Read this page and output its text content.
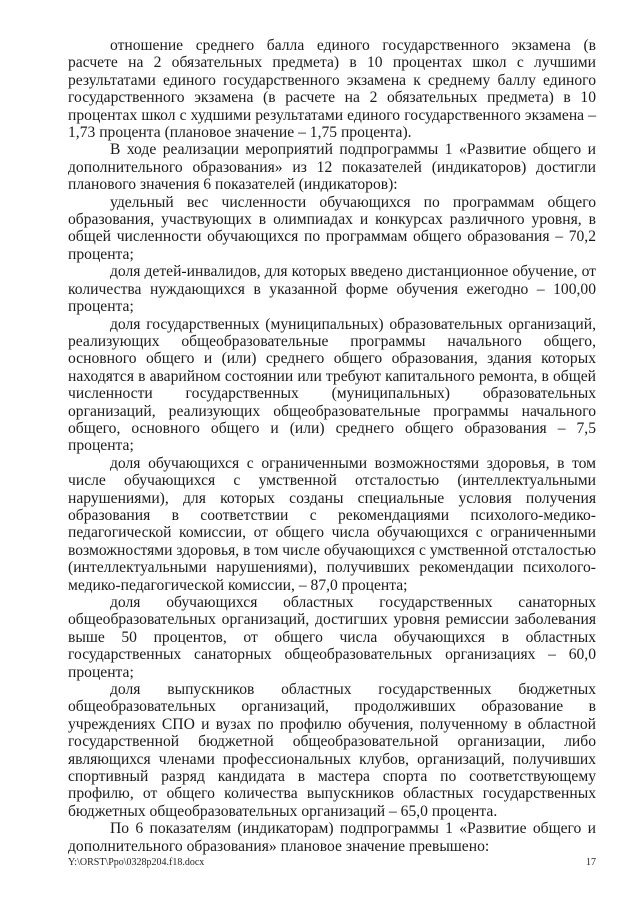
отношение среднего балла единого государственного экзамена (в расчете на 2 обязательных предмета) в 10 процентах школ с лучшими результатами единого государственного экзамена к среднему баллу единого государственного экзамена (в расчете на 2 обязательных предмета) в 10 процентах школ с худшими результатами единого государственного экзамена – 1,73 процента (плановое значение – 1,75 процента).

В ходе реализации мероприятий подпрограммы 1 «Развитие общего и дополнительного образования» из 12 показателей (индикаторов) достигли планового значения 6 показателей (индикаторов):

удельный вес численности обучающихся по программам общего образования, участвующих в олимпиадах и конкурсах различного уровня, в общей численности обучающихся по программам общего образования – 70,2 процента;

доля детей-инвалидов, для которых введено дистанционное обучение, от количества нуждающихся в указанной форме обучения ежегодно – 100,00 процента;

доля государственных (муниципальных) образовательных организаций, реализующих общеобразовательные программы начального общего, основного общего и (или) среднего общего образования, здания которых находятся в аварийном состоянии или требуют капитального ремонта, в общей численности государственных (муниципальных) образовательных организаций, реализующих общеобразовательные программы начального общего, основного общего и (или) среднего общего образования – 7,5 процента;

доля обучающихся с ограниченными возможностями здоровья, в том числе обучающихся с умственной отсталостью (интеллектуальными нарушениями), для которых созданы специальные условия получения образования в соответствии с рекомендациями психолого-медико-педагогической комиссии, от общего числа обучающихся с ограниченными возможностями здоровья, в том числе обучающихся с умственной отсталостью (интеллектуальными нарушениями), получивших рекомендации психолого-медико-педагогической комиссии, – 87,0 процента;

доля обучающихся областных государственных санаторных общеобразовательных организаций, достигших уровня ремиссии заболевания выше 50 процентов, от общего числа обучающихся в областных государственных санаторных общеобразовательных организациях – 60,0 процента;

доля выпускников областных государственных бюджетных общеобразовательных организаций, продолживших образование в учреждениях СПО и вузах по профилю обучения, полученному в областной государственной бюджетной общеобразовательной организации, либо являющихся членами профессиональных клубов, организаций, получивших спортивный разряд кандидата в мастера спорта по соответствующему профилю, от общего количества выпускников областных государственных бюджетных общеобразовательных организаций – 65,0 процента.

По 6 показателям (индикаторам) подпрограммы 1 «Развитие общего и дополнительного образования» плановое значение превышено:

Y:\ORST\Ppo\0328p204.f18.docx	17
